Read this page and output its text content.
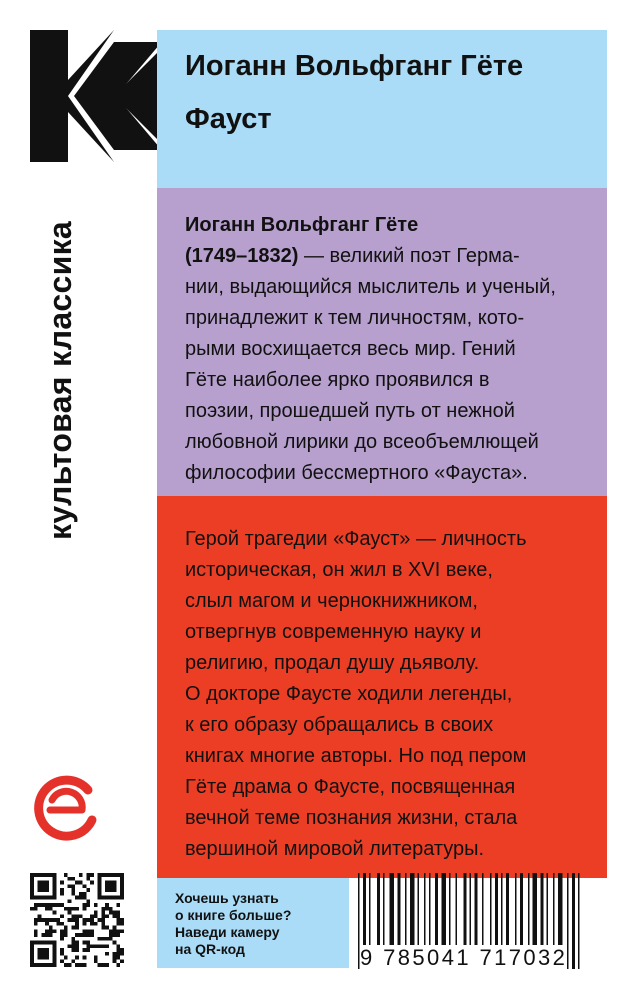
культовая классика
Иоганн Вольфганг Гёте
Фауст
Иоганн Вольфганг Гёте
(1749–1832) — великий поэт Герма-
нии, выдающийся мыслитель и ученый,
принадлежит к тем личностям, кото-
рыми восхищается весь мир. Гений
Гёте наиболее ярко проявился в
поэзии, прошедшей путь от нежной
любовной лирики до всеобъемлющей
философии бессмертного «Фауста».
Герой трагедии «Фауст» — личность
историческая, он жил в XVI веке,
слыл магом и чернокнижником,
отвергнув современную науку и
религию, продал душу дьяволу.
О докторе Фаусте ходили легенды,
к его образу обращались в своих
книгах многие авторы. Но под пером
Гёте драма о Фаусте, посвященная
вечной теме познания жизни, стала
вершиной мировой литературы.
Хочешь узнать
о книге больше?
Наведи камеру
на QR-код	9 785041 717032
